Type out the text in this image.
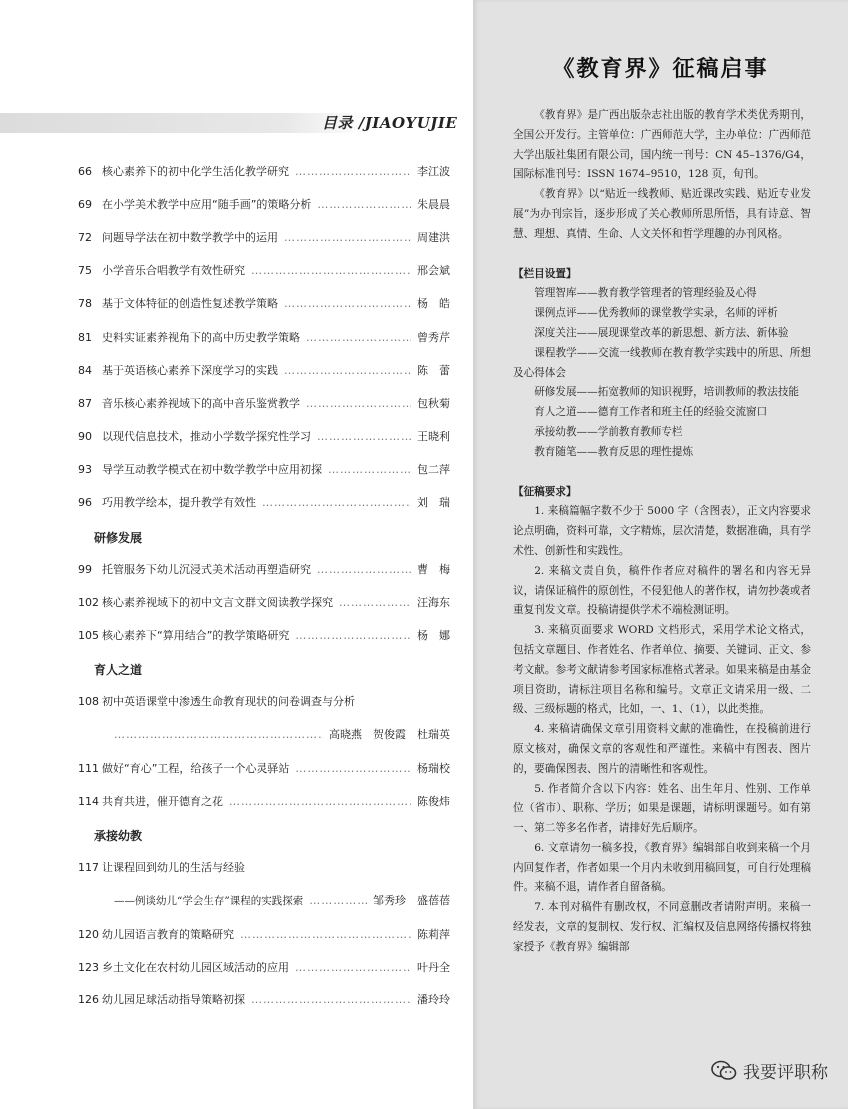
目录 /JIAOYUJIE
66 核心素养下的初中化学生活化教学研究 ……………………………………………………………………………………………………………………………………	李江波
69 在小学美术教学中应用“随手画”的策略分析 ……………………………………………………………………………………………………………………………………	朱晨晨
72 问题导学法在初中数学教学中的运用 ……………………………………………………………………………………………………………………………………	周建洪
75 小学音乐合唱教学有效性研究 ……………………………………………………………………………………………………………………………………	邢会斌
78 基于文体特征的创造性复述教学策略 ……………………………………………………………………………………………………………………………………	杨　皓
81 史料实证素养视角下的高中历史教学策略 ……………………………………………………………………………………………………………………………………	曾秀芹
84 基于英语核心素养下深度学习的实践 ……………………………………………………………………………………………………………………………………	陈　蕾
87 音乐核心素养视域下的高中音乐鉴赏教学 ……………………………………………………………………………………………………………………………………	包秋菊
90 以现代信息技术，推动小学数学探究性学习 ……………………………………………………………………………………………………………………………………	王晓利
93 导学互动教学模式在初中数学教学中应用初探 ……………………………………………………………………………………………………………………………………	包二萍
96 巧用教学绘本，提升教学有效性 ……………………………………………………………………………………………………………………………………	刘　瑞
研修发展
99 托管服务下幼儿沉浸式美术活动再塑造研究 ……………………………………………………………………………………………………………………………………	曹　梅
102 核心素养视域下的初中文言文群文阅读教学探究 ……………………………………………………………………………………………………………………………………	汪海东
105 核心素养下“算用结合”的教学策略研究 ……………………………………………………………………………………………………………………………………	杨　娜
育人之道
108 初中英语课堂中渗透生命教育现状的问卷调查与分析
………………………………………………………………………………………………
高晓燕　贺俊霞　杜瑞英
111 做好“育心”工程，给孩子一个心灵驿站 ……………………………………………………………………………………………………………………………………	杨瑞校
114 共育共进，催开德育之花 ……………………………………………………………………………………………………………………………………	陈俊炜
承接幼教
117 让课程回到幼儿的生活与经验
——例谈幼儿“学会生存”课程的实践探索 ………………………………………………………………………………………………	邹秀珍　盛蓓蓓
120 幼儿园语言教育的策略研究 ……………………………………………………………………………………………………………………………………	陈莉萍
123 乡土文化在农村幼儿园区域活动的应用 ……………………………………………………………………………………………………………………………………	叶丹全
126 幼儿园足球活动指导策略初探 ……………………………………………………………………………………………………………………………………	潘玲玲
《教育界》征稿启事

《教育界》是广西出版杂志社出版的教育学术类优秀期刊，全国公开发行。主管单位：广西师范大学，主办单位：广西师范大学出版社集团有限公司，国内统一刊号：CN 45–1376/G4，国际标准刊号：ISSN 1674–9510，128 页，旬刊。

《教育界》以“贴近一线教师、贴近课改实践、贴近专业发展”为办刊宗旨，逐步形成了关心教师所思所悟，具有诗意、智慧、理想、真情、生命、人文关怀和哲学理趣的办刊风格。

【栏目设置】

管理智库——教育教学管理者的管理经验及心得

课例点评——优秀教师的课堂教学实录，名师的评析

深度关注——展现课堂改革的新思想、新方法、新体验

课程教学——交流一线教师在教育教学实践中的所思、所想及心得体会

研修发展——拓宽教师的知识视野，培训教师的教法技能

育人之道——德育工作者和班主任的经验交流窗口

承接幼教——学前教育教师专栏

教育随笔——教育反思的理性提炼

【征稿要求】

1. 来稿篇幅字数不少于 5000 字（含图表），正文内容要求论点明确，资料可靠，文字精炼，层次清楚，数据准确，具有学术性、创新性和实践性。

2. 来稿文责自负，稿件作者应对稿件的署名和内容无异议，请保证稿件的原创性，不侵犯他人的著作权，请勿抄袭或者重复刊发文章。投稿请提供学术不端检测证明。

3. 来稿页面要求 WORD 文档形式，采用学术论文格式，包括文章题目、作者姓名、作者单位、摘要、关键词、正文、参考文献。参考文献请参考国家标准格式著录。如果来稿是由基金项目资助，请标注项目名称和编号。文章正文请采用一级、二级、三级标题的格式，比如，一、1、（1），以此类推。

4. 来稿请确保文章引用资料文献的准确性，在投稿前进行原文核对，确保文章的客观性和严谨性。来稿中有图表、图片的，要确保图表、图片的清晰性和客观性。

5. 作者简介含以下内容：姓名、出生年月、性别、工作单位（省市）、职称、学历；如果是课题，请标明课题号。如有第一、第二等多名作者，请排好先后顺序。

6. 文章请勿一稿多投，《教育界》编辑部自收到来稿一个月内回复作者，作者如果一个月内未收到用稿回复，可自行处理稿件。来稿不退，请作者自留备稿。

7. 本刊对稿件有删改权，不同意删改者请附声明。来稿一经发表，文章的复制权、发行权、汇编权及信息网络传播权将独家授予《教育界》编辑部

我要评职称
